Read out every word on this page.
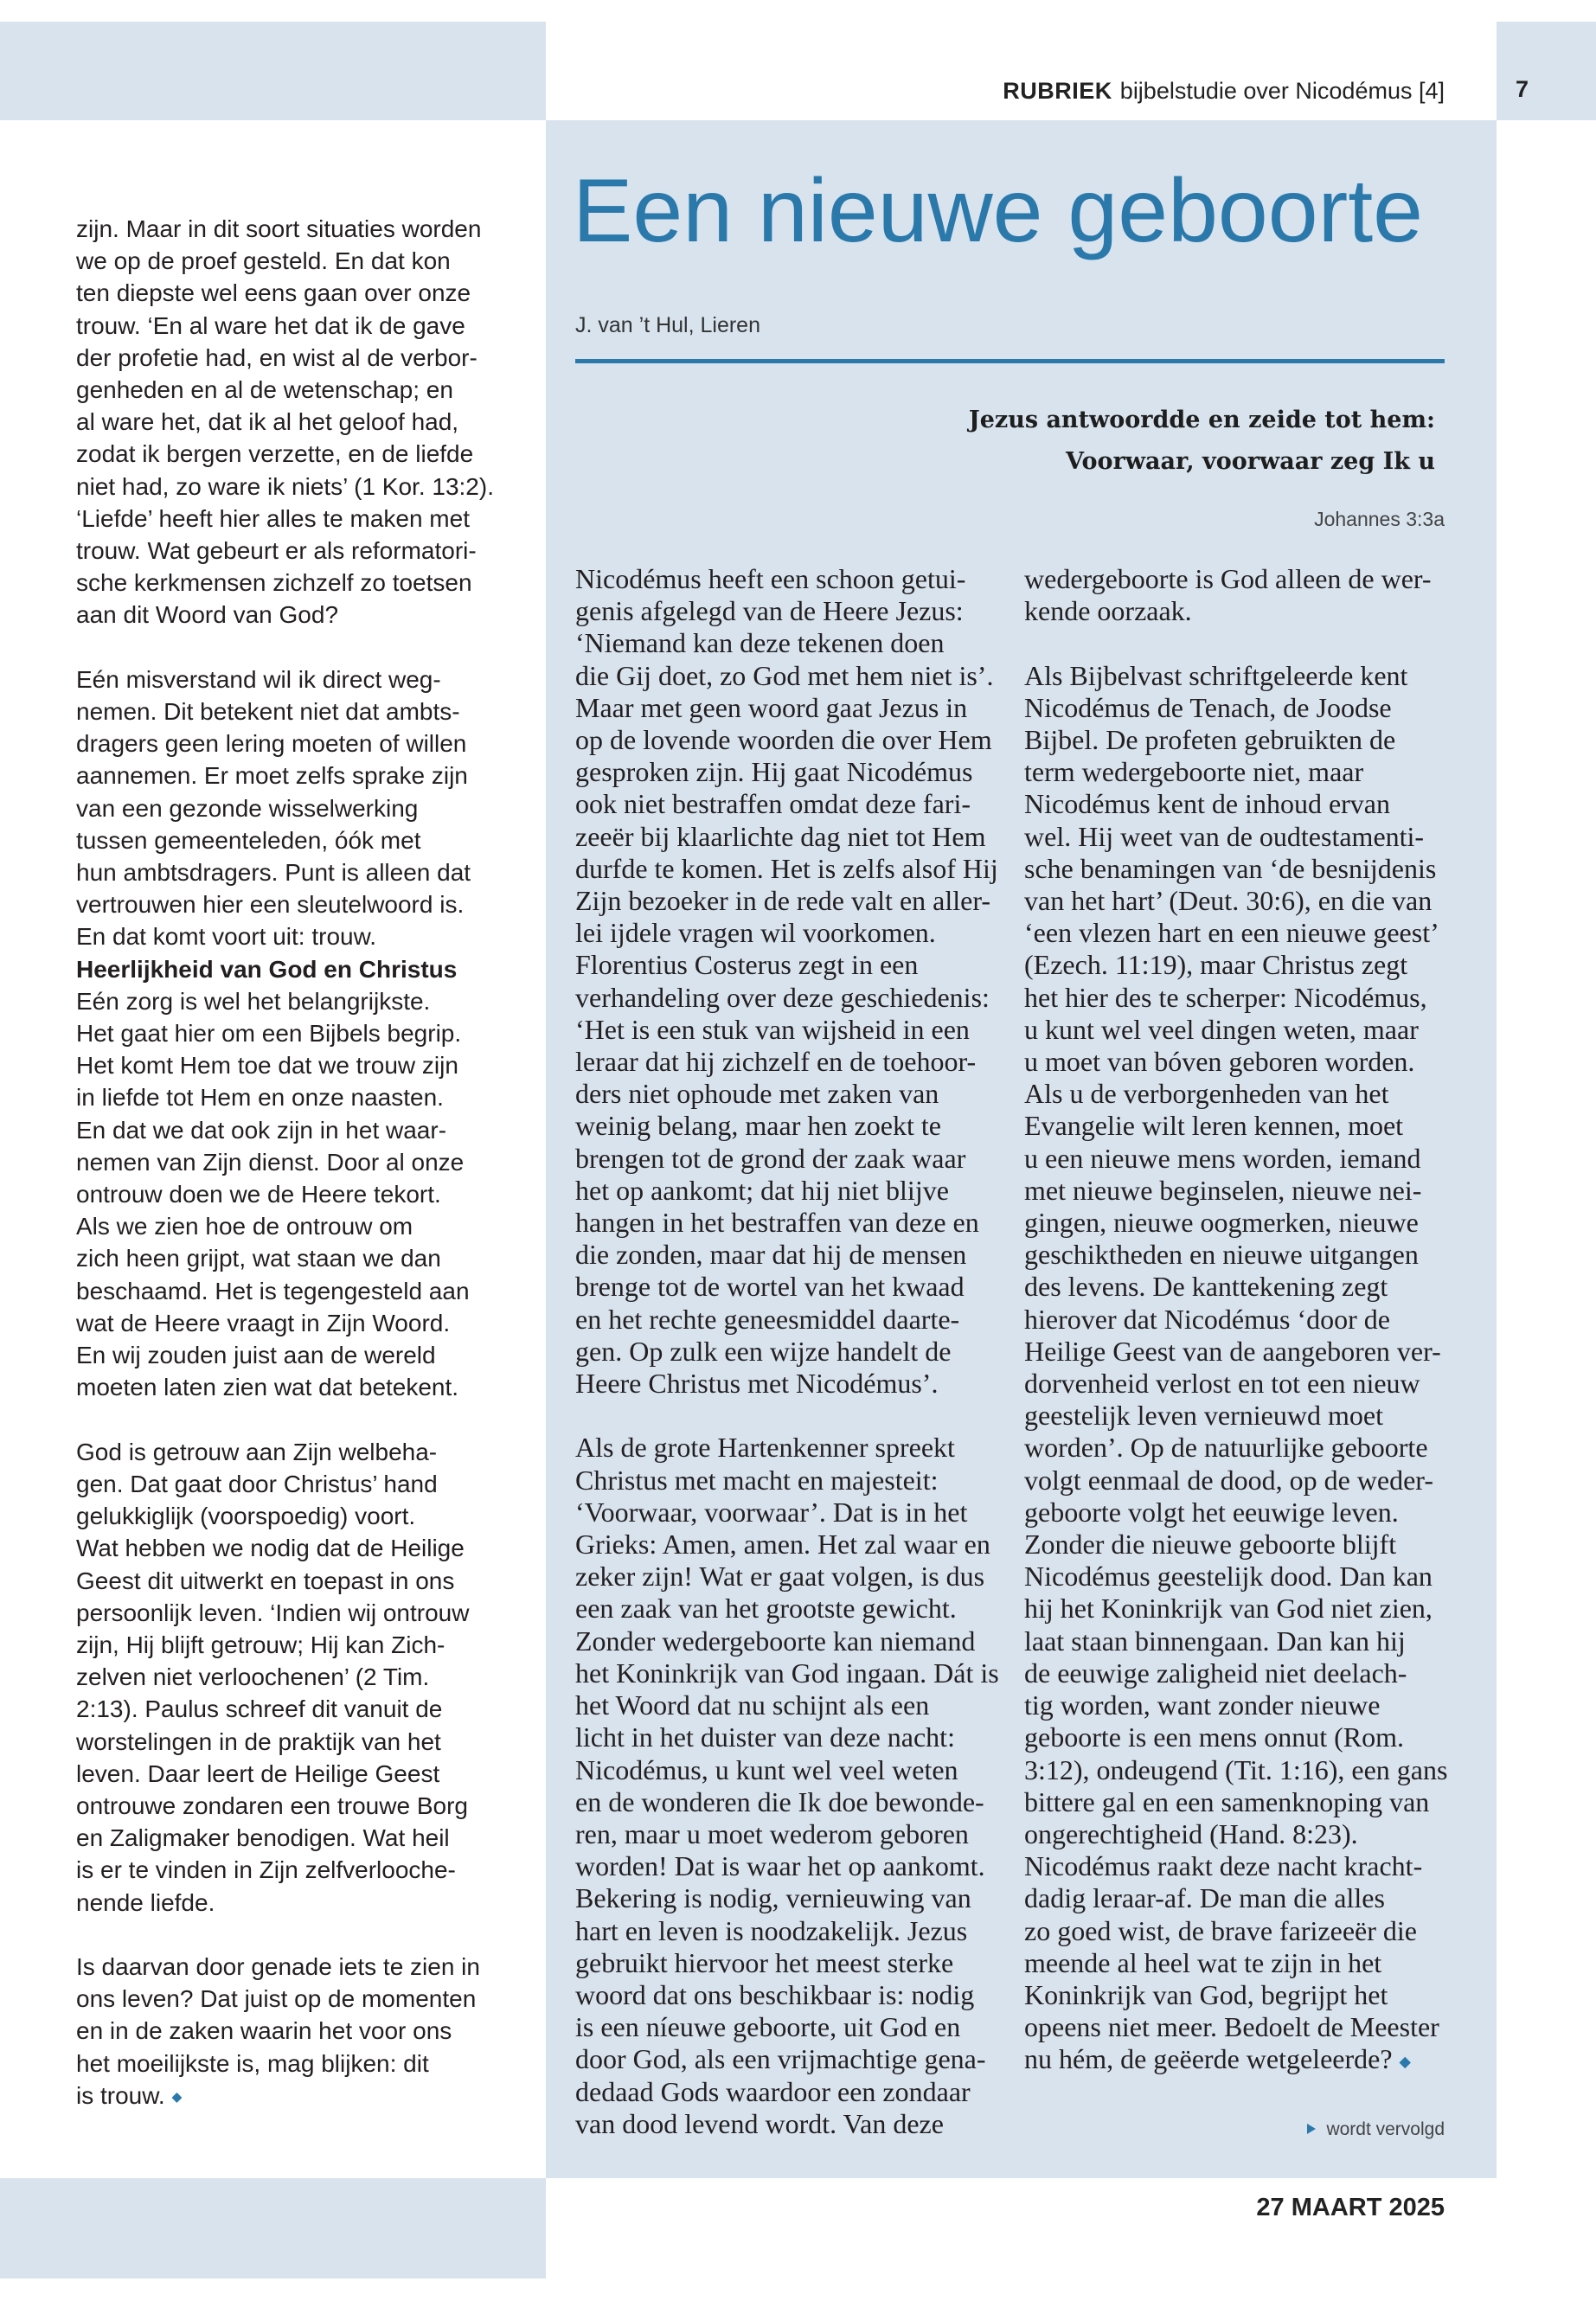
RUBRIEK bijbelstudie over Nicodémus [4]	7
Een nieuwe geboorte
J. van ’t Hul, Lieren
Jezus antwoordde en zeide tot hem:
Voorwaar, voorwaar zeg Ik u
Johannes 3:3a

zijn. Maar in dit soort situaties worden
we op de proef gesteld. En dat kon
ten diepste wel eens gaan over onze
trouw. ‘En al ware het dat ik de gave
der profetie had, en wist al de verbor-
genheden en al de wetenschap; en
al ware het, dat ik al het geloof had,
zodat ik bergen verzette, en de liefde
niet had, zo ware ik niets’ (1 Kor. 13:2).
‘Liefde’ heeft hier alles te maken met
trouw. Wat gebeurt er als reformatori-
sche kerkmensen zichzelf zo toetsen
aan dit Woord van God?

Eén misverstand wil ik direct weg-
nemen. Dit betekent niet dat ambts-
dragers geen lering moeten of willen
aannemen. Er moet zelfs sprake zijn
van een gezonde wisselwerking
tussen gemeenteleden, óók met
hun ambtsdragers. Punt is alleen dat
vertrouwen hier een sleutelwoord is.
En dat komt voort uit: trouw.

Heerlijkheid van God en Christus

Eén zorg is wel het belangrijkste.
Het gaat hier om een Bijbels begrip.
Het komt Hem toe dat we trouw zijn
in liefde tot Hem en onze naasten.
En dat we dat ook zijn in het waar-
nemen van Zijn dienst. Door al onze
ontrouw doen we de Heere tekort.
Als we zien hoe de ontrouw om
zich heen grijpt, wat staan we dan
beschaamd. Het is tegengesteld aan
wat de Heere vraagt in Zijn Woord.
En wij zouden juist aan de wereld
moeten laten zien wat dat betekent.

God is getrouw aan Zijn welbeha-
gen. Dat gaat door Christus’ hand
gelukkiglijk (voorspoedig) voort.
Wat hebben we nodig dat de Heilige
Geest dit uitwerkt en toepast in ons
persoonlijk leven. ‘Indien wij ontrouw
zijn, Hij blijft getrouw; Hij kan Zich-
zelven niet verloochenen’ (2 Tim.
2:13). Paulus schreef dit vanuit de
worstelingen in de praktijk van het
leven. Daar leert de Heilige Geest
ontrouwe zondaren een trouwe Borg
en Zaligmaker benodigen. Wat heil
is er te vinden in Zijn zelfverlooche-
nende liefde.

Is daarvan door genade iets te zien in
ons leven? Dat juist op de momenten
en in de zaken waarin het voor ons
het moeilijkste is, mag blijken: dit
is trouw. ◆

Nicodémus heeft een schoon getui-
genis afgelegd van de Heere Jezus:
‘Niemand kan deze tekenen doen
die Gij doet, zo God met hem niet is’.
Maar met geen woord gaat Jezus in
op de lovende woorden die over Hem
gesproken zijn. Hij gaat Nicodémus
ook niet bestraffen omdat deze fari-
zeeër bij klaarlichte dag niet tot Hem
durfde te komen. Het is zelfs alsof Hij
Zijn bezoeker in de rede valt en aller-
lei ijdele vragen wil voorkomen.
Florentius Costerus zegt in een
verhandeling over deze geschiedenis:
‘Het is een stuk van wijsheid in een
leraar dat hij zichzelf en de toehoor-
ders niet ophoude met zaken van
weinig belang, maar hen zoekt te
brengen tot de grond der zaak waar
het op aankomt; dat hij niet blijve
hangen in het bestraffen van deze en
die zonden, maar dat hij de mensen
brenge tot de wortel van het kwaad
en het rechte geneesmiddel daarte-
gen. Op zulk een wijze handelt de
Heere Christus met Nicodémus’.

Als de grote Hartenkenner spreekt
Christus met macht en majesteit:
‘Voorwaar, voorwaar’. Dat is in het
Grieks: Amen, amen. Het zal waar en
zeker zijn! Wat er gaat volgen, is dus
een zaak van het grootste gewicht.
Zonder wedergeboorte kan niemand
het Koninkrijk van God ingaan. Dát is
het Woord dat nu schijnt als een
licht in het duister van deze nacht:
Nicodémus, u kunt wel veel weten
en de wonderen die Ik doe bewonde-
ren, maar u moet wederom geboren
worden! Dat is waar het op aankomt.
Bekering is nodig, vernieuwing van
hart en leven is noodzakelijk. Jezus
gebruikt hiervoor het meest sterke
woord dat ons beschikbaar is: nodig
is een níeuwe geboorte, uit God en
door God, als een vrijmachtige gena-
dedaad Gods waardoor een zondaar
van dood levend wordt. Van deze

wedergeboorte is God alleen de wer-
kende oorzaak.

Als Bijbelvast schriftgeleerde kent
Nicodémus de Tenach, de Joodse
Bijbel. De profeten gebruikten de
term wedergeboorte niet, maar
Nicodémus kent de inhoud ervan
wel. Hij weet van de oudtestamenti-
sche benamingen van ‘de besnijdenis
van het hart’ (Deut. 30:6), en die van
‘een vlezen hart en een nieuwe geest’
(Ezech. 11:19), maar Christus zegt
het hier des te scherper: Nicodémus,
u kunt wel veel dingen weten, maar
u moet van bóven geboren worden.
Als u de verborgenheden van het
Evangelie wilt leren kennen, moet
u een nieuwe mens worden, iemand
met nieuwe beginselen, nieuwe nei-
gingen, nieuwe oogmerken, nieuwe
geschiktheden en nieuwe uitgangen
des levens. De kanttekening zegt
hierover dat Nicodémus ‘door de
Heilige Geest van de aangeboren ver-
dorvenheid verlost en tot een nieuw
geestelijk leven vernieuwd moet
worden’. Op de natuurlijke geboorte
volgt eenmaal de dood, op de weder-
geboorte volgt het eeuwige leven.
Zonder die nieuwe geboorte blijft
Nicodémus geestelijk dood. Dan kan
hij het Koninkrijk van God niet zien,
laat staan binnengaan. Dan kan hij
de eeuwige zaligheid niet deelach-
tig worden, want zonder nieuwe
geboorte is een mens onnut (Rom.
3:12), ondeugend (Tit. 1:16), een gans
bittere gal en een samenknoping van
ongerechtigheid (Hand. 8:23).
Nicodémus raakt deze nacht kracht-
dadig leraar-af. De man die alles
zo goed wist, de brave farizeeër die
meende al heel wat te zijn in het
Koninkrijk van God, begrijpt het
opeens niet meer. Bedoelt de Meester
nu hém, de geëerde wetgeleerde? ◆

wordt vervolgd
27 MAART 2025
